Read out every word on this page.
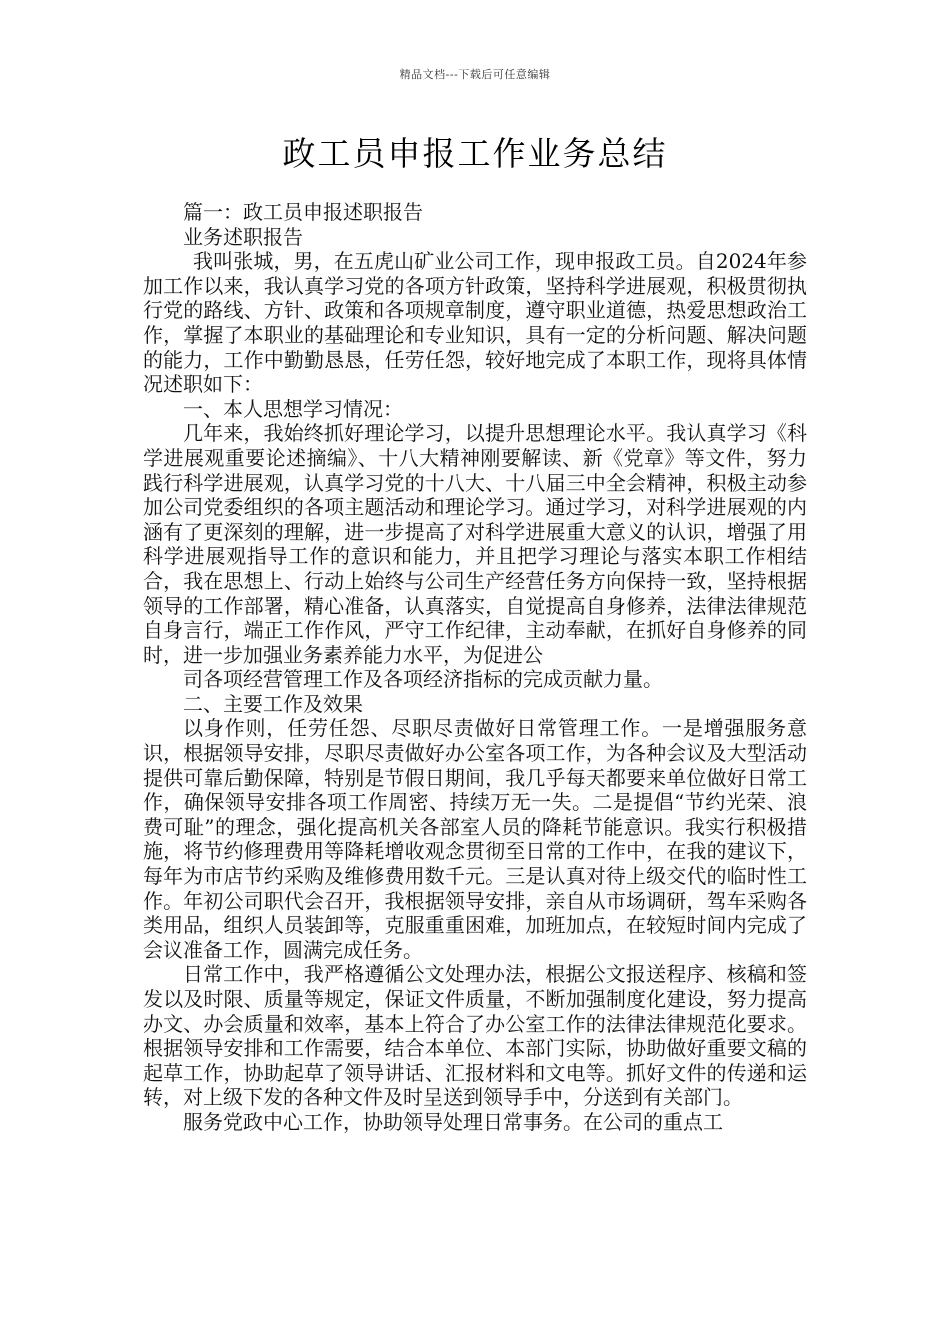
精品文档---下载后可任意编辑
政工员申报工作业务总结

篇一：政工员申报述职报告

业务述职报告

我叫张城，男，在五虎山矿业公司工作，现申报政工员。自2024年参加工作以来，我认真学习党的各项方针政策，坚持科学进展观，积极贯彻执行党的路线、方针、政策和各项规章制度，遵守职业道德，热爱思想政治工作，掌握了本职业的基础理论和专业知识，具有一定的分析问题、解决问题的能力，工作中勤勤恳恳，任劳任怨，较好地完成了本职工作，现将具体情况述职如下：

一、本人思想学习情况：

几年来，我始终抓好理论学习，以提升思想理论水平。我认真学习《科学进展观重要论述摘编》、十八大精神刚要解读、新《党章》等文件，努力践行科学进展观，认真学习党的十八大、十八届三中全会精神，积极主动参加公司党委组织的各项主题活动和理论学习。通过学习，对科学进展观的内涵有了更深刻的理解，进一步提高了对科学进展重大意义的认识，增强了用科学进展观指导工作的意识和能力，并且把学习理论与落实本职工作相结合，我在思想上、行动上始终与公司生产经营任务方向保持一致，坚持根据领导的工作部署，精心准备，认真落实，自觉提高自身修养，法律法律规范自身言行，端正工作作风，严守工作纪律，主动奉献，在抓好自身修养的同时，进一步加强业务素养能力水平，为促进公

司各项经营管理工作及各项经济指标的完成贡献力量。

二、主要工作及效果

以身作则，任劳任怨、尽职尽责做好日常管理工作。一是增强服务意识，根据领导安排，尽职尽责做好办公室各项工作，为各种会议及大型活动提供可靠后勤保障，特别是节假日期间，我几乎每天都要来单位做好日常工作，确保领导安排各项工作周密、持续万无一失。二是提倡“节约光荣、浪费可耻”的理念，强化提高机关各部室人员的降耗节能意识。我实行积极措施，将节约修理费用等降耗增收观念贯彻至日常的工作中，在我的建议下，每年为市店节约采购及维修费用数千元。三是认真对待上级交代的临时性工作。年初公司职代会召开，我根据领导安排，亲自从市场调研，驾车采购各类用品，组织人员装卸等，克服重重困难，加班加点，在较短时间内完成了会议准备工作，圆满完成任务。

日常工作中，我严格遵循公文处理办法，根据公文报送程序、核稿和签发以及时限、质量等规定，保证文件质量，不断加强制度化建设，努力提高办文、办会质量和效率，基本上符合了办公室工作的法律法律规范化要求。根据领导安排和工作需要，结合本单位、本部门实际，协助做好重要文稿的起草工作，协助起草了领导讲话、汇报材料和文电等。抓好文件的传递和运转，对上级下发的各种文件及时呈送到领导手中，分送到有关部门。

服务党政中心工作，协助领导处理日常事务。在公司的重点工
